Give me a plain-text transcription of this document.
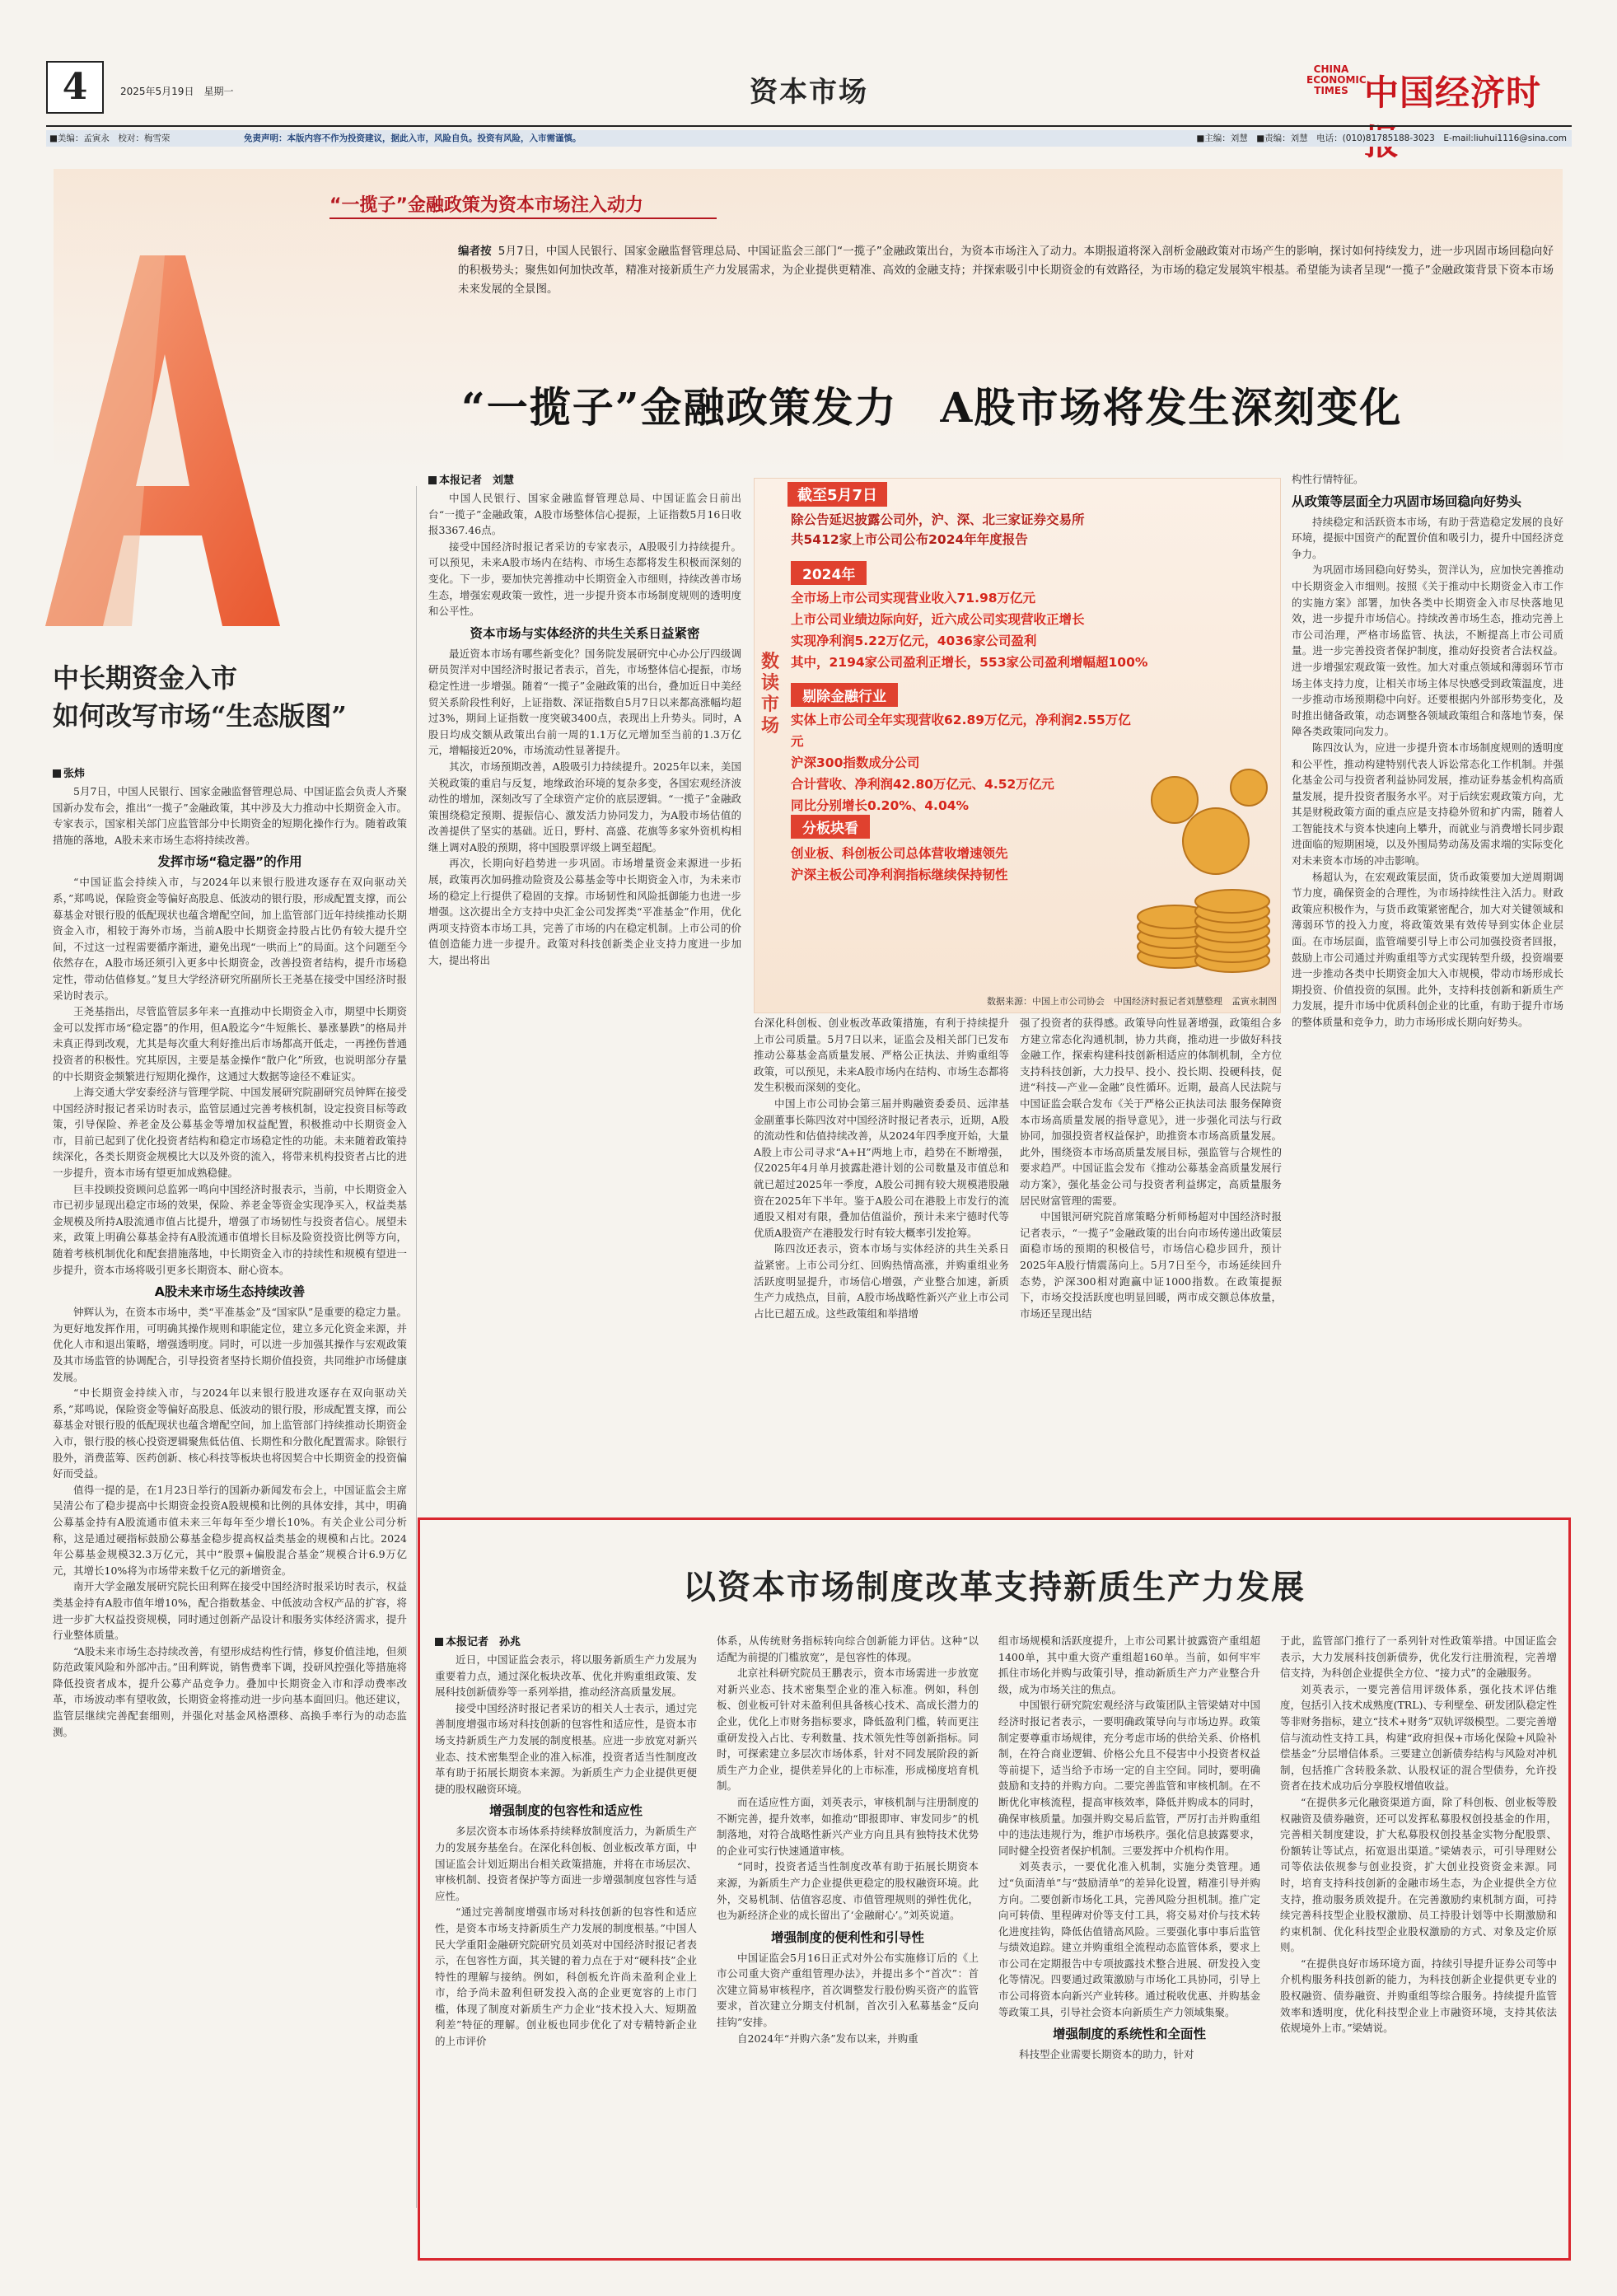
4	2025年5月19日　星期一	资本市场
CHINA
ECONOMIC
TIMES 中国经济时
■美编：孟寅永　校对：梅雪荣	免责声明：本版内容不作为投资建议，据此入市，风险自负。投资有风险，入市需谨慎。	■主编：刘慧　■责编：刘慧　电话：(010)81785188-3023　E-mail:liuhui1116@sina.com
“一揽子”金融政策为资本市场注入动力
编者按 5月7日，中国人民银行、国家金融监督管理总局、中国证监会三部门“一揽子”金融政策出台，为资本市场注入了动力。本期报道将深入剖析金融政策对市场产生的影响，探讨如何持续发力，进一步巩固市场回稳向好的积极势头；聚焦如何加快改革，精准对接新质生产力发展需求，为企业提供更精准、高效的金融支持；并探索吸引中长期资金的有效路径，为市场的稳定发展筑牢根基。希望能为读者呈现“一揽子”金融政策背景下资本市场未来发展的全景图。
“一揽子”金融政策发力　A股市场将发生深刻变化
中长期资金入市
如何改写市场“生态版图”
张炜

5月7日，中国人民银行、国家金融监督管理总局、中国证监会负责人齐聚国新办发布会，推出“一揽子”金融政策，其中涉及大力推动中长期资金入市。专家表示，国家相关部门应监管部分中长期资金的短期化操作行为。随着政策措施的落地，A股未来市场生态将持续改善。

发挥市场“稳定器”的作用

“中国证监会持续入市，与2024年以来银行股进攻逐存在双向驱动关系，”郑鸣说，保险资金等偏好高股息、低波动的银行股，形成配置支撑，而公募基金对银行股的低配现状也蕴含增配空间，加上监管部门近年持续推动长期资金入市，相较于海外市场，当前A股中长期资金持股占比仍有较大提升空间，不过这一过程需要循序渐进，避免出现“一哄而上”的局面。这个问题至今依然存在，A股市场还须引入更多中长期资金，改善投资者结构，提升市场稳定性，带动估值修复。”复旦大学经济研究所副所长王尧基在接受中国经济时报采访时表示。

王尧基指出，尽管监管层多年来一直推动中长期资金入市，期望中长期资金可以发挥市场“稳定器”的作用，但A股迄今“牛短熊长、暴涨暴跌”的格局并未真正得到改观，尤其是每次重大利好推出后市场都高开低走，一再挫伤普通投资者的积极性。究其原因，主要是基金操作“散户化”所致，也说明部分存量的中长期资金频繁进行短期化操作，这通过大数据等途径不难证实。

上海交通大学安泰经济与管理学院、中国发展研究院副研究员钟辉在接受中国经济时报记者采访时表示，监管层通过完善考核机制，设定投资目标等政策，引导保险、养老金及公募基金等增加权益配置，积极推动中长期资金入市，目前已起到了优化投资者结构和稳定市场稳定性的功能。未来随着政策持续深化，各类长期资金规模比大以及外资的流入，将带来机构投资者占比的进一步提升，资本市场有望更加成熟稳健。

巨丰投顾投资顾问总监郭一鸣向中国经济时报表示，当前，中长期资金入市已初步显现出稳定市场的效果，保险、养老金等资金实现净买入，权益类基金规模及所持A股流通市值占比提升，增强了市场韧性与投资者信心。展望未来，政策上明确公募基金持有A股流通市值增长目标及险资投资比例等方向，随着考核机制优化和配套措施落地，中长期资金入市的持续性和规模有望进一步提升，资本市场将吸引更多长期资本、耐心资本。

A股未来市场生态持续改善

钟辉认为，在资本市场中，类“平准基金”及“国家队”是重要的稳定力量。为更好地发挥作用，可明确其操作规则和职能定位，建立多元化资金来源，并优化人市和退出策略，增强透明度。同时，可以进一步加强其操作与宏观政策及其市场监管的协调配合，引导投资者坚持长期价值投资，共同维护市场健康发展。

“中长期资金持续入市，与2024年以来银行股进攻逐存在双向驱动关系，”郑鸣说，保险资金等偏好高股息、低波动的银行股，形成配置支撑，而公募基金对银行股的低配现状也蕴含增配空间，加上监管部门持续推动长期资金入市，银行股的核心投资逻辑聚焦低估值、长期性和分散化配置需求。除银行股外，消费蓝筹、医药创新、核心科技等板块也将因契合中长期资金的投资偏好而受益。

值得一提的是，在1月23日举行的国新办新闻发布会上，中国证监会主席吴清公布了稳步提高中长期资金投资A股规模和比例的具体安排，其中，明确公募基金持有A股流通市值未来三年每年至少增长10%。有关企业公司分析称，这是通过硬指标鼓励公募基金稳步提高权益类基金的规模和占比。2024年公募基金规模32.3万亿元，其中“股票+偏股混合基金”规模合计6.9万亿元，其增长10%将为市场带来数千亿元的新增资金。

南开大学金融发展研究院长田利辉在接受中国经济时报采访时表示，权益类基金持有A股市值年增10%，配合指数基金、中低波动含权产品的扩容，将进一步扩大权益投资规模，同时通过创新产品设计和服务实体经济需求，提升行业整体质量。

“A股未来市场生态持续改善，有望形成结构性行情，修复价值洼地，但须防范政策风险和外部冲击。”田利辉说，销售费率下调，投研风控强化等措施将降低投资者成本，提升公募产品竞争力。叠加中长期资金入市和浮动费率改革，市场波动率有望收敛，长期资金将推动进一步向基本面回归。他还建议，监管层继续完善配套细则，并强化对基金风格漂移、高换手率行为的动态监测。

本报记者　刘慧

中国人民银行、国家金融监督管理总局、中国证监会日前出台“一揽子”金融政策，A股市场整体信心提振，上证指数5月16日收报3367.46点。

接受中国经济时报记者采访的专家表示，A股吸引力持续提升。可以预见，未来A股市场内在结构、市场生态都将发生积极而深刻的变化。下一步，要加快完善推动中长期资金入市细则，持续改善市场生态，增强宏观政策一致性，进一步提升资本市场制度规则的透明度和公平性。

资本市场与实体经济的共生关系日益紧密

最近资本市场有哪些新变化？国务院发展研究中心办公厅四级调研员贺洋对中国经济时报记者表示，首先，市场整体信心提振，市场稳定性进一步增强。随着“一揽子”金融政策的出台，叠加近日中美经贸关系阶段性利好，上证指数、深证指数自5月7日以来都高涨幅均超过3%，期间上证指数一度突破3400点，表现出上升势头。同时，A股日均成交额从政策出台前一周的1.1万亿元增加至当前的1.3万亿元，增幅接近20%，市场流动性显著提升。

其次，市场预期改善，A股吸引力持续提升。2025年以来，美国关税政策的重启与反复，地缘政治环境的复杂多变，各国宏观经济波动性的增加，深刻改写了全球资产定价的底层逻辑。“一揽子”金融政策围绕稳定预期、提振信心、激发活力协同发力，为A股市场估值的改善提供了坚实的基础。近日，野村、高盛、花旗等多家外资机构相继上调对A股的预期，将中国股票评级上调至超配。

再次，长期向好趋势进一步巩固。市场增量资金来源进一步拓展，政策再次加码推动险资及公募基金等中长期资金入市，为未来市场的稳定上行提供了稳固的支撑。市场韧性和风险抵御能力也进一步增强。这次提出全方支持中央汇金公司发挥类“平准基金”作用，优化两项支持资本市场工具，完善了市场的内在稳定机制。上市公司的价值创造能力进一步提升。政策对科技创新类企业支持力度进一步加大，提出将出

数读市场
截至5月7日
除公告延迟披露公司外，沪、深、北三家证券交易所
共5412家上市公司公布2024年年度报告
2024年
全市场上市公司实现营业收入71.98万亿元
上市公司业绩边际向好，近六成公司实现营收正增长
实现净利润5.22万亿元，4036家公司盈利
其中，2194家公司盈利正增长，553家公司盈利增幅超100%
剔除金融行业
实体上市公司全年实现营收62.89万亿元，净利润2.55万亿元
沪深300指数成分公司
合计营收、净利润42.80万亿元、4.52万亿元
同比分别增长0.20%、4.04%
分板块看
创业板、科创板公司总体营收增速领先
沪深主板公司净利润指标继续保持韧性
数据来源：中国上市公司协会　中国经济时报记者刘慧整理　孟寅永制图

台深化科创板、创业板改革政策措施，有利于持续提升上市公司质量。5月7日以来，证监会及相关部门已发布推动公募基金高质量发展、严格公正执法、并购重组等政策，可以预见，未来A股市场内在结构、市场生态都将发生积极而深刻的变化。

中国上市公司协会第三届并购融资委委员、远津基金副董事长陈四汝对中国经济时报记者表示，近期，A股的流动性和估值持续改善，从2024年四季度开始，大量A股上市公司寻求“A+H”两地上市，趋势在不断增强，仅2025年4月单月披露赴港计划的公司数量及市值总和就已超过2025年一季度，A股公司拥有较大规模港股融资在2025年下半年。鉴于A股公司在港股上市发行的流通股又相对有限，叠加估值溢价，预计未来宁德时代等优质A股资产在港股发行时有较大概率引发抢筹。

陈四汝还表示，资本市场与实体经济的共生关系日益紧密。上市公司分红、回购热情高涨，并购重组业务活跃度明显提升，市场信心增强，产业整合加速，新质生产力成热点，目前，A股市场战略性新兴产业上市公司占比已超五成。这些政策组和举措增

强了投资者的获得感。政策导向性显著增强，政策组合多方建立常态化沟通机制，协力共商，推动进一步做好科技金融工作，探索构建科技创新相适应的体制机制，全方位支持科技创新，大力投早、投小、投长期、投硬科技，促进“科技—产业—金融”良性循环。近期，最高人民法院与中国证监会联合发布《关于严格公正执法司法 服务保障资本市场高质量发展的指导意见》，进一步强化司法与行政协同，加强投资者权益保护，助推资本市场高质量发展。此外，围绕资本市场高质量发展目标，强监管与合规性的要求趋严。中国证监会发布《推动公募基金高质量发展行动方案》，强化基金公司与投资者利益绑定，高质量服务居民财富管理的需要。

中国银河研究院首席策略分析师杨超对中国经济时报记者表示，“一揽子”金融政策的出台向市场传递出政策层面稳市场的预期的积极信号，市场信心稳步回升，预计2025年A股行情震荡向上。5月7日至今，市场延续回升态势，沪深300相对跑赢中证1000指数。在政策提振下，市场交投活跃度也明显回暖，两市成交额总体放量，市场还呈现出结

构性行情特征。

从政策等层面全力巩固市场回稳向好势头

持续稳定和活跃资本市场，有助于营造稳定发展的良好环境，提振中国资产的配置价值和吸引力，提升中国经济竞争力。

为巩固市场回稳向好势头，贺洋认为，应加快完善推动中长期资金入市细则。按照《关于推动中长期资金入市工作的实施方案》部署，加快各类中长期资金入市尽快落地见效，进一步提升市场信心。持续改善市场生态，推动完善上市公司治理，严格市场监管、执法，不断提高上市公司质量。进一步完善投资者保护制度，推动好投资者合法权益。进一步增强宏观政策一致性。加大对重点领域和薄弱环节市场主体支持力度，让相关市场主体尽快感受到政策温度，进一步推动市场预期稳中向好。还要根据内外部形势变化，及时推出储备政策，动态调整各领域政策组合和落地节奏，保障各类政策同向发力。

陈四汝认为，应进一步提升资本市场制度规则的透明度和公平性，推动构建特别代表人诉讼常态化工作机制。并强化基金公司与投资者利益协同发展，推动证券基金机构高质量发展，提升投资者服务水平。对于后续宏观政策方向，尤其是财税政策方面的重点应是支持稳外贸和扩内需，随着人工智能技术与资本快速向上攀升，而就业与消费增长同步跟进面临的短期困境，以及外围局势动荡及需求端的实际变化对未来资本市场的冲击影响。

杨超认为，在宏观政策层面，货币政策要加大逆周期调节力度，确保资金的合理性，为市场持续性注入活力。财政政策应积极作为，与货币政策紧密配合，加大对关键领域和薄弱环节的投入力度，将政策效果有效传导到实体企业层面。在市场层面，监管端要引导上市公司加强投资者回报，鼓励上市公司通过并购重组等方式实现转型升级，投资端要进一步推动各类中长期资金加大入市规模，带动市场形成长期投资、价值投资的氛围。此外，支持科技创新和新质生产力发展，提升市场中优质科创企业的比重，有助于提升市场的整体质量和竞争力，助力市场形成长期向好势头。

以资本市场制度改革支持新质生产力发展
本报记者　孙兆

近日，中国证监会表示，将以服务新质生产力发展为重要着力点，通过深化板块改革、优化并购重组政策、发展科技创新债券等一系列举措，推动经济高质量发展。

接受中国经济时报记者采访的相关人士表示，通过完善制度增强市场对科技创新的包容性和适应性，是资本市场支持新质生产力发展的制度根基。应进一步放宽对新兴业态、技术密集型企业的准入标准，投资者适当性制度改革有助于拓展长期资本来源。为新质生产力企业提供更便捷的股权融资环境。

增强制度的包容性和适应性

多层次资本市场体系持续释放制度活力，为新质生产力的发展夯基垒台。在深化科创板、创业板改革方面，中国证监会计划近期出台相关政策措施，并将在市场层次、审核机制、投资者保护等方面进一步增强制度包容性与适应性。

“通过完善制度增强市场对科技创新的包容性和适应性，是资本市场支持新质生产力发展的制度根基。”中国人民大学重阳金融研究院研究员刘英对中国经济时报记者表示，在包容性方面，其关键的着力点在于对“硬科技”企业特性的理解与接纳。例如，科创板允许尚未盈利企业上市，给予尚未盈利但研发投入高的企业更宽容的上市门槛，体现了制度对新质生产力企业“技术投入大、短期盈利差”特征的理解。创业板也同步优化了对专精特新企业的上市评价

体系，从传统财务指标转向综合创新能力评估。这种“以适配为前提的门槛放宽”，是包容性的体现。

北京社科研究院员王鹏表示，资本市场需进一步放宽对新兴业态、技术密集型企业的准入标准。例如，科创板、创业板可针对未盈利但具备核心技术、高成长潜力的企业，优化上市财务指标要求，降低盈利门槛，转而更注重研发投入占比、专利数量、技术领先性等创新指标。同时，可探索建立多层次市场体系，针对不同发展阶段的新质生产力企业，提供差异化的上市标准，形成梯度培育机制。

而在适应性方面，刘英表示，审核机制与注册制度的不断完善，提升效率，如推动“即报即审、审发同步”的机制落地，对符合战略性新兴产业方向且具有独特技术优势的企业可实行快速通道审核。

“同时，投资者适当性制度改革有助于拓展长期资本来源，为新质生产力企业提供更稳定的股权融资环境。此外，交易机制、估值容忍度、市值管理规则的弹性优化，也为新经济企业的成长留出了‘金融耐心’。”刘英说道。

增强制度的便利性和引导性

中国证监会5月16日正式对外公布实施修订后的《上市公司重大资产重组管理办法》，并提出多个“首次”：首次建立简易审核程序，首次调整发行股份购买资产的监管要求，首次建立分期支付机制，首次引入私募基金“反向挂钩”安排。

自2024年“并购六条”发布以来，并购重

组市场规模和活跃度提升，上市公司累计披露资产重组超1400单，其中重大资产重组超160单。当前，如何牢牢抓住市场化并购与政策引导，推动新质生产力产业整合升级，成为市场关注的焦点。

中国银行研究院宏观经济与政策团队主管梁婧对中国经济时报记者表示，一要明确政策导向与市场边界。政策制定要尊重市场规律，充分考虑市场的供给关系、价格机制，在符合商业逻辑、价格公允且不侵害中小投资者权益等前提下，适当给予市场一定的自主空间。同时，要明确鼓励和支持的并购方向。二要完善监管和审核机制。在不断优化审核流程，提高审核效率，降低并购成本的同时，确保审核质量。加强并购交易后监管，严厉打击并购重组中的违法违规行为，维护市场秩序。强化信息披露要求，同时健全投资者保护机制。三要发挥中介机构作用。

刘英表示，一要优化准入机制，实施分类管理。通过“负面清单”与“鼓励清单”的差异化设置，精准引导并购方向。二要创新市场化工具，完善风险分担机制。推广定向可转债、里程碑对价等支付工具，将交易对价与技术转化进度挂钩，降低估值错高风险。三要强化事中事后监管与绩效追踪。建立并购重组全流程动态监管体系，要求上市公司在定期报告中专项披露技术整合进展、研发投入变化等情况。四要通过政策激励与市场化工具协同，引导上市公司将资本向新兴产业转移。通过税收优惠、并购基金等政策工具，引导社会资本向新质生产力领域集聚。

增强制度的系统性和全面性

科技型企业需要长期资本的助力，针对

于此，监管部门推行了一系列针对性政策举措。中国证监会表示，大力发展科技创新债券，优化发行注册流程，完善增信支持，为科创企业提供全方位、“接力式”的金融服务。

刘英表示，一要完善信用评级体系，强化技术评估维度，包括引入技术成熟度(TRL)、专利壁垒、研发团队稳定性等非财务指标，建立“技术+财务”双轨评级模型。二要完善增信与流动性支持工具，构建“政府担保+市场化保险+风险补偿基金”分层增信体系。三要建立创新债券结构与风险对冲机制，包括推广含转股条款、认股权证的混合型债券，允许投资者在技术成功后分享股权增值收益。

“在提供多元化融资渠道方面，除了科创板、创业板等股权融资及债券融资，还可以发挥私募股权创投基金的作用，完善相关制度建设，扩大私募股权创投基金实物分配股票、份额转让等试点，拓宽退出渠道。”梁婧表示，可引导理财公司等依法依规参与创业投资，扩大创业投资资金来源。同时，培育支持科技创新的金融市场生态，为企业提供全方位支持，推动服务质效提升。在完善激励约束机制方面，可持续完善科技型企业股权激励、员工持股计划等中长期激励和约束机制、优化科技型企业股权激励的方式、对象及定价原则。

“在提供良好市场环境方面，持续引导提升证券公司等中介机构服务科技创新的能力，为科技创新企业提供更专业的股权融资、债券融资、并购重组等综合服务。持续提升监管效率和透明度，优化科技型企业上市融资环境，支持其依法依规境外上市。”梁婧说。
